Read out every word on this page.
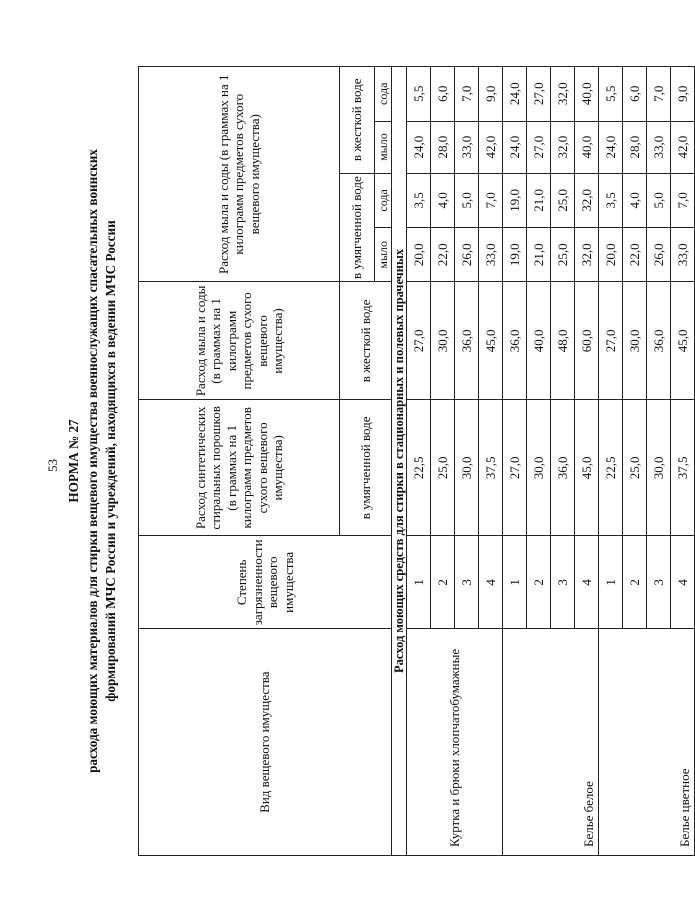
53 НОРМА № 27 расхода моющих материалов для стирки вещевого имущества военнослужащих спасательных воинских формирований МЧС России и учреждений, находящихся в ведении МЧС России
Вид вещевого имущества	Степень загрязненности вещевого имущества	Расход синтетических стиральных порошков (в граммах на 1 килограмм предметов сухого вещевого имущества)	Расход мыла и соды (в граммах на 1 килограмм предметов сухого вещевого имущества)	Расход мыла и соды (в граммах на 1 килограмм предметов сухого вещевого имущества)			
		в умягченной воде	в жесткой воде	в умягченной воде		в жесткой воде	
				мыло	сода	мыло	сода
Расход моющих средств для стирки в стационарных и полевых прачечных							
Куртка и брюки хлопчатобумажные	1	22,5	27,0	20,0	3,5	24,0	5,5
	2	25,0	30,0	22,0	4,0	28,0	6,0
	3	30,0	36,0	26,0	5,0	33,0	7,0
	4	37,5	45,0	33,0	7,0	42,0	9,0
Белье белое	1	27,0	36,0	19,0	19,0	24,0	24,0
	2	30,0	40,0	21,0	21,0	27,0	27,0
	3	36,0	48,0	25,0	25,0	32,0	32,0
	4	45,0	60,0	32,0	32,0	40,0	40,0
Белье цветное	1	22,5	27,0	20,0	3,5	24,0	5,5
	2	25,0	30,0	22,0	4,0	28,0	6,0
	3	30,0	36,0	26,0	5,0	33,0	7,0
	4	37,5	45,0	33,0	7,0	42,0	9,0
